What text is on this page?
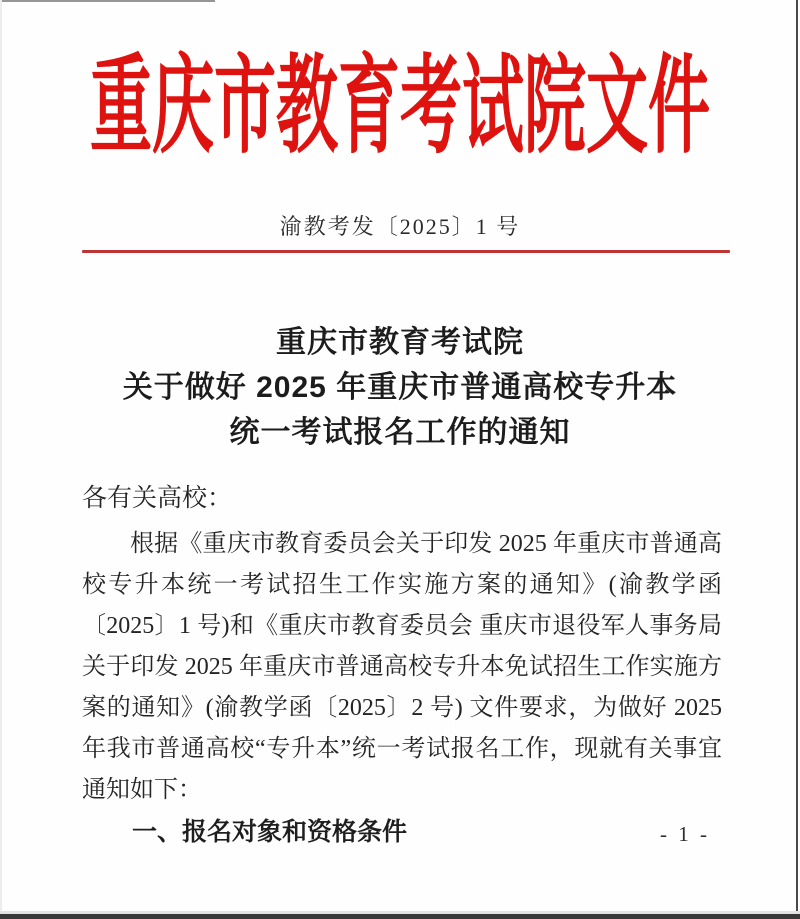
重庆市教育考试院文件
渝教考发〔2025〕1 号
重庆市教育考试院
关于做好 2025 年重庆市普通高校专升本
统一考试报名工作的通知
各有关高校：

根据《重庆市教育委员会关于印发 2025 年重庆市普通高校专升本统一考试招生工作实施方案的通知》(渝教学函〔2025〕1 号)和《重庆市教育委员会 重庆市退役军人事务局关于印发 2025 年重庆市普通高校专升本免试招生工作实施方案的通知》(渝教学函〔2025〕2 号) 文件要求，为做好 2025 年我市普通高校“专升本”统一考试报名工作，现就有关事宜通知如下：

一、报名对象和资格条件	- 1 -
